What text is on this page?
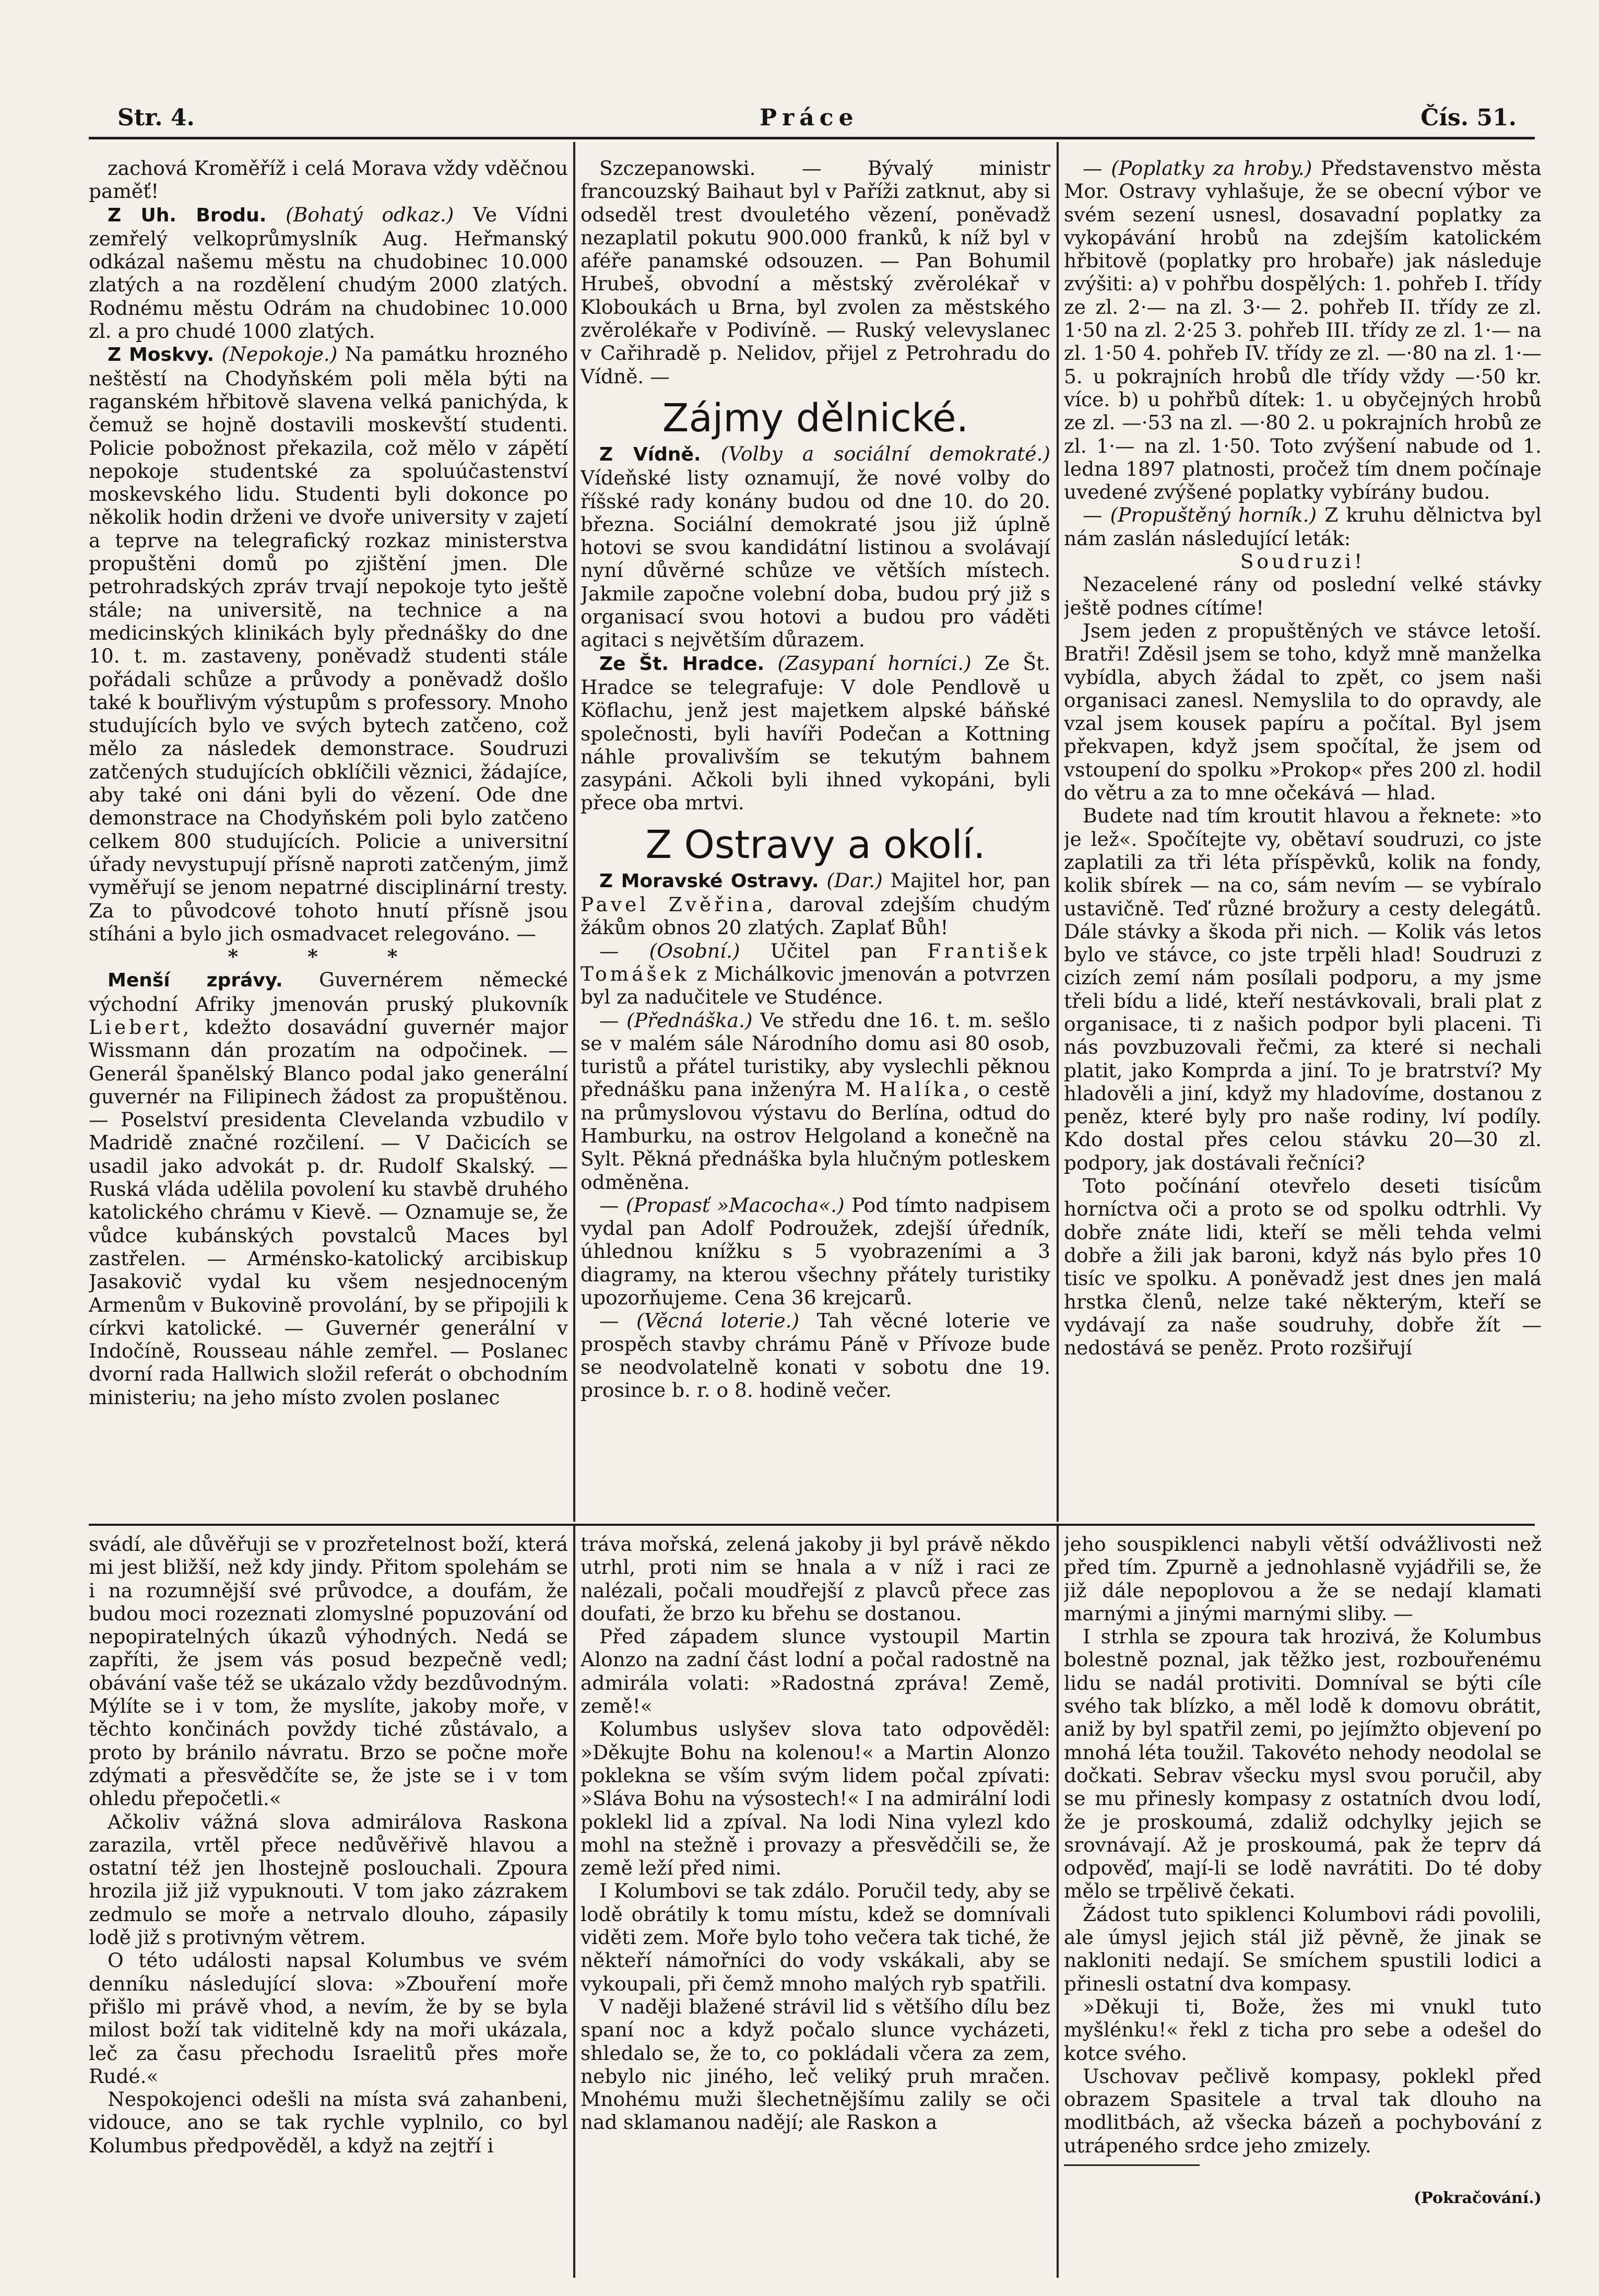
Str. 4.	Práce	Čís. 51.

zachová Kroměříž i celá Morava vždy vděčnou paměť!

Z Uh. Brodu. (Bohatý odkaz.) Ve Vídni zemřelý velkoprůmyslník Aug. Heřmanský odkázal našemu městu na chudobinec 10.000 zlatých a na rozdělení chudým 2000 zlatých. Rodnému městu Odrám na chudobinec 10.000 zl. a pro chudé 1000 zlatých.

Z Moskvy. (Nepokoje.) Na památku hrozného neštěstí na Chodyňském poli měla býti na raganském hřbitově slavena velká panichýda, k čemuž se hojně dostavili moskevští studenti. Policie pobožnost překazila, což mělo v zápětí nepokoje studentské za spoluúčastenství moskevského lidu. Studenti byli dokonce po několik hodin drženi ve dvoře university v zajetí a teprve na telegrafický rozkaz ministerstva propuštěni domů po zjištění jmen. Dle petrohradských zpráv trvají nepokoje tyto ještě stále; na universitě, na technice a na medicinských klinikách byly přednášky do dne 10. t. m. zastaveny, poněvadž studenti stále pořádali schůze a průvody a poněvadž došlo také k bouřlivým výstupům s professory. Mnoho studujících bylo ve svých bytech zatčeno, což mělo za následek demonstrace. Soudruzi zatčených studujících obklíčili věznici, žádajíce, aby také oni dáni byli do vězení. Ode dne demonstrace na Chodyňském poli bylo zatčeno celkem 800 studujících. Policie a universitní úřady nevystupují přísně naproti zatčeným, jimž vyměřují se jenom nepatrné disciplinární tresty. Za to původcové tohoto hnutí přísně jsou stíháni a bylo jich osmadvacet relegováno. —

* * *

Menší zprávy. Guvernérem německé východní Afriky jmenován pruský plukovník Liebert, kdežto dosavádní guvernér major Wissmann dán prozatím na odpočinek. — Generál španělský Blanco podal jako generální guvernér na Filipinech žádost za propuštěnou. — Poselství presidenta Clevelanda vzbudilo v Madridě značné rozčilení. — V Dačicích se usadil jako advokát p. dr. Rudolf Skalský. — Ruská vláda udělila povolení ku stavbě druhého katolického chrámu v Kievě. — Oznamuje se, že vůdce kubánských povstalců Maces byl zastřelen. — Arménsko-katolický arcibiskup Jasakovič vydal ku všem nesjednoceným Armenům v Bukovině provolání, by se připojili k církvi katolické. — Guvernér generální v Indočíně, Rousseau náhle zemřel. — Poslanec dvorní rada Hallwich složil referát o obchodním ministeriu; na jeho místo zvolen poslanec

Szczepanowski. — Bývalý ministr francouzský Baihaut byl v Paříži zatknut, aby si odseděl trest dvouletého vězení, poněvadž nezaplatil pokutu 900.000 franků, k níž byl v aféře panamské odsouzen. — Pan Bohumil Hrubeš, obvodní a městský zvěrolékař v Kloboukách u Brna, byl zvolen za městského zvěrolékaře v Podivíně. — Ruský velevyslanec v Cařihradě p. Nelidov, přijel z Petrohradu do Vídně. —

Zájmy dělnické.

Z Vídně. (Volby a sociální demokraté.) Vídeňské listy oznamují, že nové volby do říšské rady konány budou od dne 10. do 20. března. Sociální demokraté jsou již úplně hotovi se svou kandidátní listinou a svolávají nyní důvěrné schůze ve větších místech. Jakmile započne volební doba, budou prý již s organisací svou hotovi a budou pro váděti agitaci s největším důrazem.

Ze Št. Hradce. (Zasypaní horníci.) Ze Št. Hradce se telegrafuje: V dole Pendlově u Köflachu, jenž jest majetkem alpské báňské společnosti, byli havíři Podečan a Kottning náhle provalivším se tekutým bahnem zasypáni. Ačkoli byli ihned vykopáni, byli přece oba mrtvi.

Z Ostravy a okolí.

Z Moravské Ostravy. (Dar.) Majitel hor, pan Pavel Zvěřina, daroval zdejším chudým žákům obnos 20 zlatých. Zaplať Bůh!

— (Osobní.) Učitel pan František Tomášek z Michálkovic jmenován a potvrzen byl za nadučitele ve Studénce.

— (Přednáška.) Ve středu dne 16. t. m. sešlo se v malém sále Národního domu asi 80 osob, turistů a přátel turistiky, aby vyslechli pěknou přednášku pana inženýra M. Halíka, o cestě na průmyslovou výstavu do Berlína, odtud do Hamburku, na ostrov Helgoland a konečně na Sylt. Pěkná přednáška byla hlučným potleskem odměněna.

— (Propasť »Macocha«.) Pod tímto nadpisem vydal pan Adolf Podroužek, zdejší úředník, úhlednou knížku s 5 vyobrazeními a 3 diagramy, na kterou všechny přátely turistiky upozorňujeme. Cena 36 krejcarů.

— (Věcná loterie.) Tah věcné loterie ve prospěch stavby chrámu Páně v Přívoze bude se neodvolatelně konati v sobotu dne 19. prosince b. r. o 8. hodině večer.

— (Poplatky za hroby.) Představenstvo města Mor. Ostravy vyhlašuje, že se obecní výbor ve svém sezení usnesl, dosavadní poplatky za vykopávání hrobů na zdejším katolickém hřbitově (poplatky pro hrobaře) jak následuje zvýšiti: a) v pohřbu dospělých: 1. pohřeb I. třídy ze zl. 2·— na zl. 3·— 2. pohřeb II. třídy ze zl. 1·50 na zl. 2·25 3. pohřeb III. třídy ze zl. 1·— na zl. 1·50 4. pohřeb IV. třídy ze zl. —·80 na zl. 1·— 5. u pokrajních hrobů dle třídy vždy —·50 kr. více. b) u pohřbů dítek: 1. u obyčejných hrobů ze zl. —·53 na zl. —·80 2. u pokrajních hrobů ze zl. 1·— na zl. 1·50. Toto zvýšení nabude od 1. ledna 1897 platnosti, pročež tím dnem počínaje uvedené zvýšené poplatky vybírány budou.

— (Propuštěný horník.) Z kruhu dělnictva byl nám zaslán následující leták:

Soudruzi!

Nezacelené rány od poslední velké stávky ještě podnes cítíme!

Jsem jeden z propuštěných ve stávce letoší. Bratři! Zděsil jsem se toho, když mně manželka vybídla, abych žádal to zpět, co jsem naši organisaci zanesl. Nemyslila to do opravdy, ale vzal jsem kousek papíru a počítal. Byl jsem překvapen, když jsem spočítal, že jsem od vstoupení do spolku »Prokop« přes 200 zl. hodil do větru a za to mne očekává — hlad.

Budete nad tím kroutit hlavou a řeknete: »to je lež«. Spočítejte vy, obětaví soudruzi, co jste zaplatili za tři léta příspěvků, kolik na fondy, kolik sbírek — na co, sám nevím — se vybíralo ustavičně. Teď různé brožury a cesty delegátů. Dále stávky a škoda při nich. — Kolik vás letos bylo ve stávce, co jste trpěli hlad! Soudruzi z cizích zemí nám posílali podporu, a my jsme třeli bídu a lidé, kteří nestávkovali, brali plat z organisace, ti z našich podpor byli placeni. Ti nás povzbuzovali řečmi, za které si nechali platit, jako Komprda a jiní. To je bratrství? My hladověli a jiní, když my hladovíme, dostanou z peněz, které byly pro naše rodiny, lví podíly. Kdo dostal přes celou stávku 20—30 zl. podpory, jak dostávali řečníci?

Toto počínání otevřelo deseti tisícům horníctva oči a proto se od spolku odtrhli. Vy dobře znáte lidi, kteří se měli tehda velmi dobře a žili jak baroni, když nás bylo přes 10 tisíc ve spolku. A poněvadž jest dnes jen malá hrstka členů, nelze také některým, kteří se vydávají za naše soudruhy, dobře žít — nedostává se peněz. Proto rozšiřují

svádí, ale důvěřuji se v prozřetelnost boží, která mi jest bližší, než kdy jindy. Přitom spolehám se i na rozumnější své průvodce, a doufám, že budou moci rozeznati zlomyslné popuzování od nepopiratelných úkazů výhodných. Nedá se zapříti, že jsem vás posud bezpečně vedl; obávání vaše též se ukázalo vždy bezdůvodným. Mýlíte se i v tom, že myslíte, jakoby moře, v těchto končinách povždy tiché zůstávalo, a proto by bránilo návratu. Brzo se počne moře zdýmati a přesvědčíte se, že jste se i v tom ohledu přepočetli.«

Ačkoliv vážná slova admirálova Raskona zarazila, vrtěl přece nedůvěřivě hlavou a ostatní též jen lhostejně poslouchali. Zpoura hrozila již již vypuknouti. V tom jako zázrakem zedmulo se moře a netrvalo dlouho, zápasily lodě již s protivným větrem.

O této události napsal Kolumbus ve svém denníku následující slova: »Zbouření moře přišlo mi právě vhod, a nevím, že by se byla milost boží tak viditelně kdy na moři ukázala, leč za času přechodu Israelitů přes moře Rudé.«

Nespokojenci odešli na místa svá zahanbeni, vidouce, ano se tak rychle vyplnilo, co byl Kolumbus předpověděl, a když na zejtří i

tráva mořská, zelená jakoby ji byl právě někdo utrhl, proti nim se hnala a v níž i raci ze nalézali, počali moudřejší z plavců přece zas doufati, že brzo ku břehu se dostanou.

Před západem slunce vystoupil Martin Alonzo na zadní část lodní a počal radostně na admirála volati: »Radostná zpráva! Země, země!«

Kolumbus uslyšev slova tato odpověděl: »Děkujte Bohu na kolenou!« a Martin Alonzo poklekna se vším svým lidem počal zpívati: »Sláva Bohu na výsostech!« I na admirální lodi poklekl lid a zpíval. Na lodi Nina vylezl kdo mohl na stežně i provazy a přesvědčili se, že země leží před nimi.

I Kolumbovi se tak zdálo. Poručil tedy, aby se lodě obrátily k tomu místu, kdež se domnívali viděti zem. Moře bylo toho večera tak tiché, že někteří námořníci do vody vskákali, aby se vykoupali, při čemž mnoho malých ryb spatřili.

V naději blažené strávil lid s většího dílu bez spaní noc a když počalo slunce vycházeti, shledalo se, že to, co pokládali včera za zem, nebylo nic jiného, leč veliký pruh mračen. Mnohému muži šlechetnějšímu zalily se oči nad sklamanou nadějí; ale Raskon a

jeho souspiklenci nabyli větší odvážlivosti než před tím. Zpurně a jednohlasně vyjádřili se, že již dále nepoplovou a že se nedají klamati marnými a jinými marnými sliby. —

I strhla se zpoura tak hrozivá, že Kolumbus bolestně poznal, jak těžko jest, rozbouřenému lidu se nadál protiviti. Domníval se býti cíle svého tak blízko, a měl lodě k domovu obrátit, aniž by byl spatřil zemi, po jejímžto objevení po mnohá léta toužil. Takovéto nehody neodolal se dočkati. Sebrav všecku mysl svou poručil, aby se mu přinesly kompasy z ostatních dvou lodí, že je proskoumá, zdaliž odchylky jejich se srovnávají. Až je proskoumá, pak že teprv dá odpověď, mají-li se lodě navrátiti. Do té doby mělo se trpělivě čekati.

Žádost tuto spiklenci Kolumbovi rádi povolili, ale úmysl jejich stál již pěvně, že jinak se nakloniti nedají. Se smíchem spustili lodici a přinesli ostatní dva kompasy.

»Děkuji ti, Bože, žes mi vnukl tuto myšlénku!« řekl z ticha pro sebe a odešel do kotce svého.

Uschovav pečlivě kompasy, poklekl před obrazem Spasitele a trval tak dlouho na modlitbách, až všecka bázeň a pochybování z utrápeného srdce jeho zmizely.

(Pokračování.)
